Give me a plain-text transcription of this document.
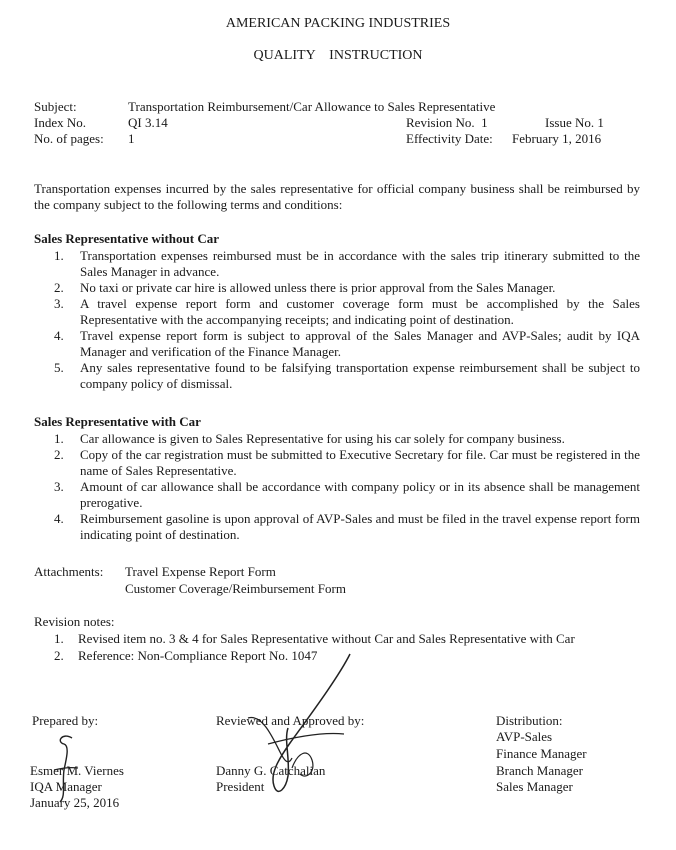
AMERICAN PACKING INDUSTRIES
QUALITY    INSTRUCTION
Subject:	Transportation Reimbursement/Car Allowance to Sales Representative
Index No.	QI 3.14	Revision No.  1	Issue No. 1
No. of pages: 1	Effectivity Date: February 1, 2016
Transportation expenses incurred by the sales representative for official company business shall be reimbursed by the company subject to the following terms and conditions:
Sales Representative without Car
1. Transportation expenses reimbursed must be in accordance with the sales trip itinerary submitted to the Sales Manager in advance.
2. No taxi or private car hire is allowed unless there is prior approval from the Sales Manager.
3. A travel expense report form and customer coverage form must be accomplished by the Sales Representative with the accompanying receipts; and indicating point of destination.
4. Travel expense report form is subject to approval of the Sales Manager and AVP-Sales; audit by IQA Manager and verification of the Finance Manager.
5. Any sales representative found to be falsifying transportation expense reimbursement shall be subject to company policy of dismissal.
Sales Representative with Car
1. Car allowance is given to Sales Representative for using his car solely for company business.
2. Copy of the car registration must be submitted to Executive Secretary for file. Car must be registered in the name of Sales Representative.
3. Amount of car allowance shall be accordance with company policy or in its absence shall be management prerogative.
4. Reimbursement gasoline is upon approval of AVP-Sales and must be filed in the travel expense report form indicating point of destination.
Attachments: Travel Expense Report Form
Customer Coverage/Reimbursement Form
Revision notes:
1. Revised item no. 3 & 4 for Sales Representative without Car and Sales Representative with Car
2. Reference: Non-Compliance Report No. 1047
Prepared by:
Esmer M. Viernes
IQA Manager
January 25, 2016
Reviewed and Approved by:
Danny G. Catchalian
President
Distribution:
AVP-Sales
Finance Manager
Branch Manager
Sales Manager
